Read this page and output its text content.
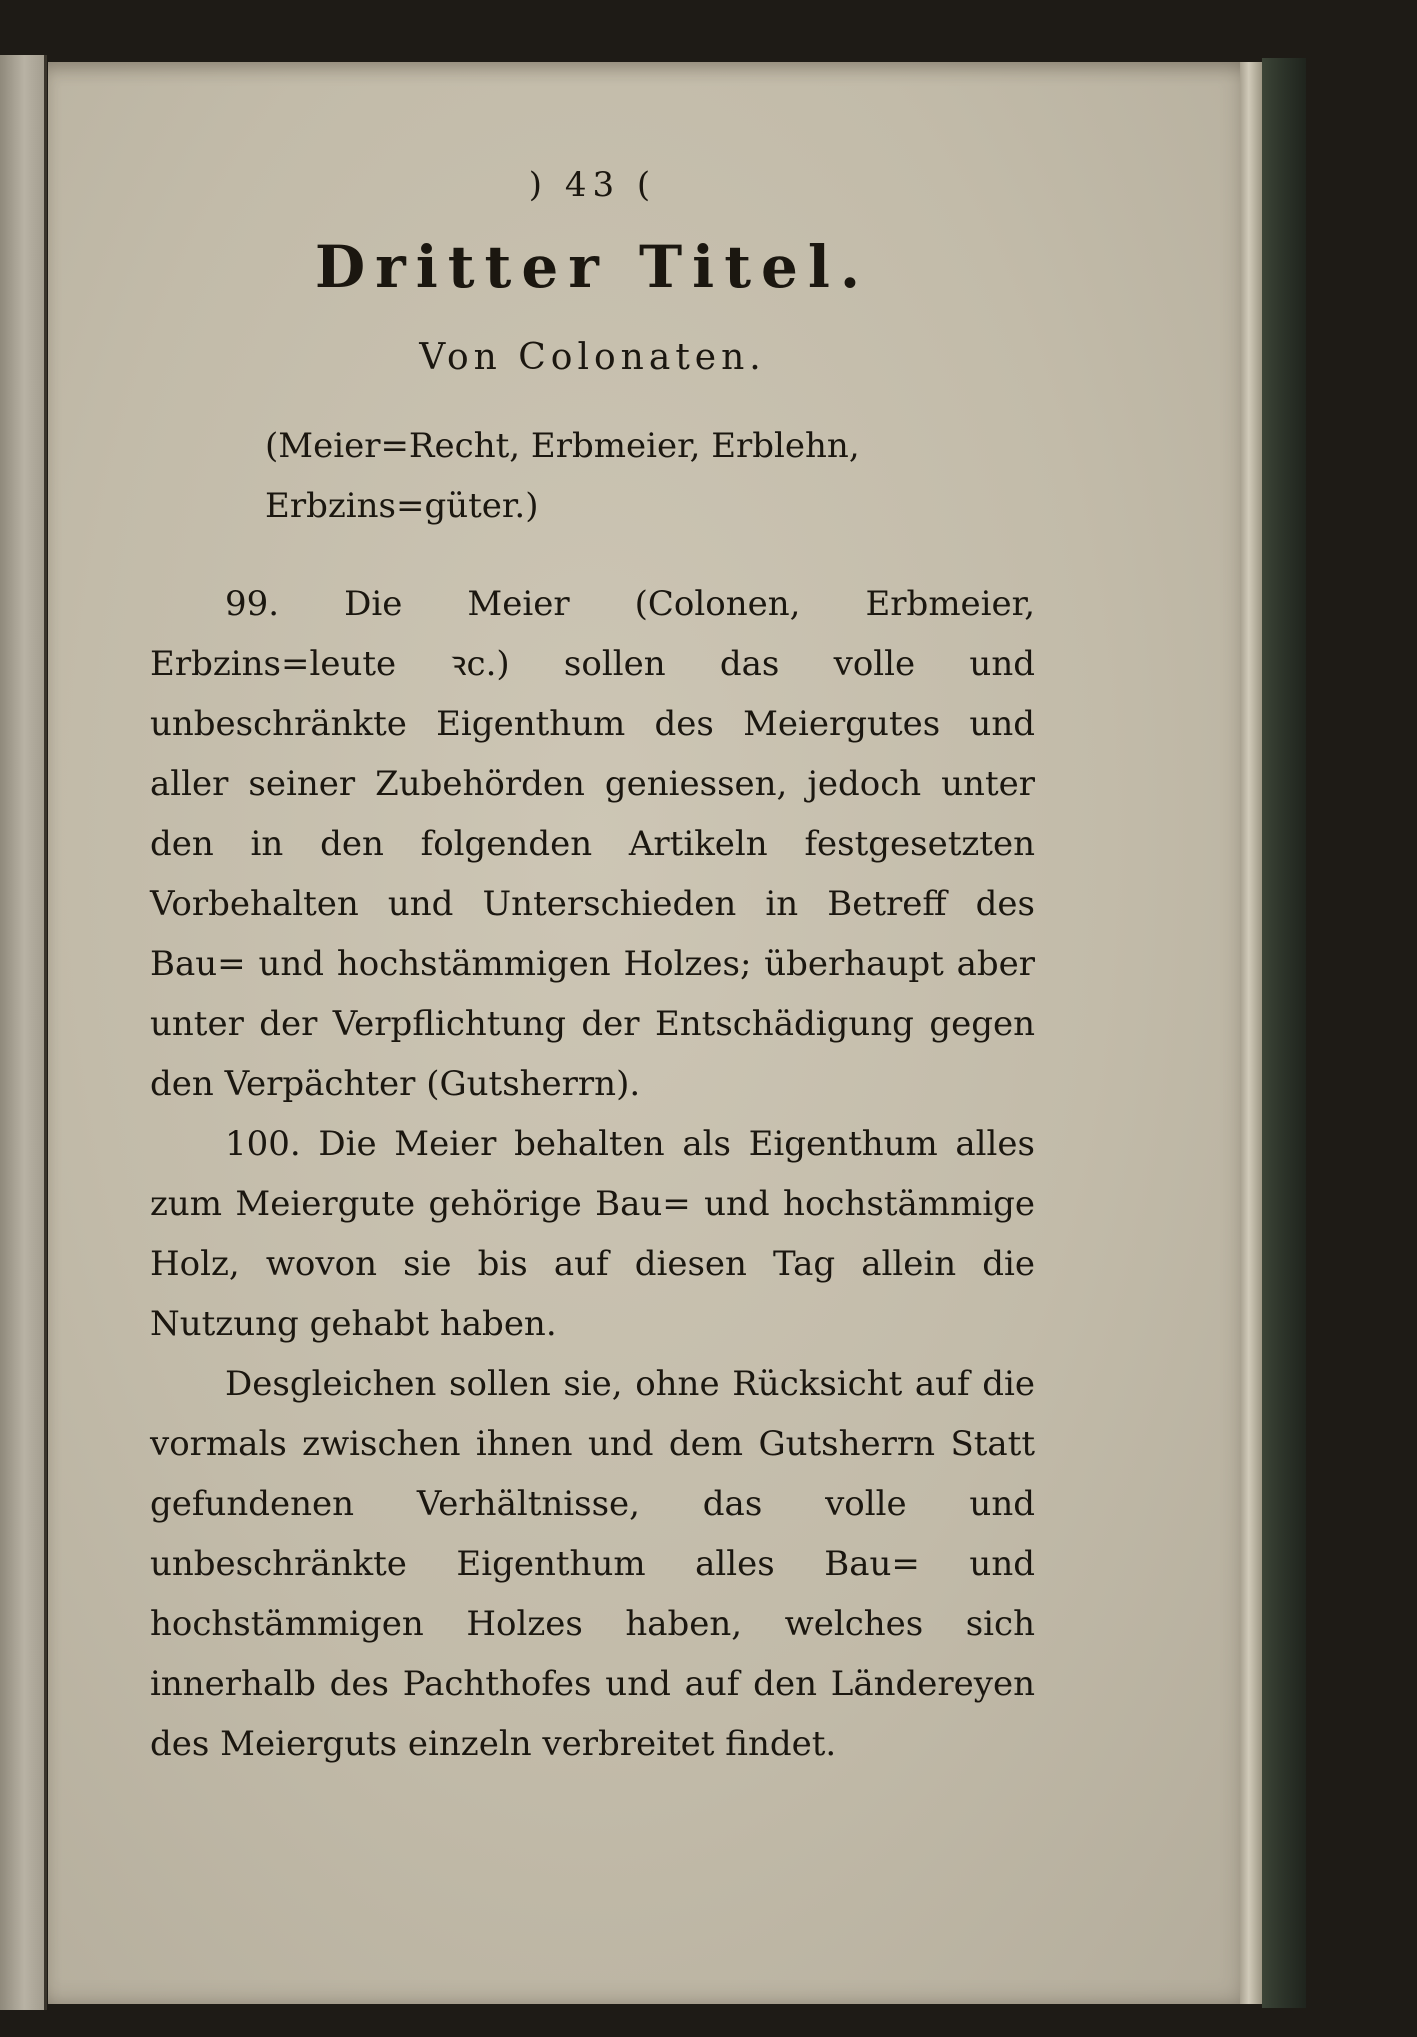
) 43 (
Dritter Titel.
Von Colonaten.
(Meier=Recht, Erbmeier, Erblehn, Erbzins=güter.)

99. Die Meier (Colonen, Erbmeier, Erbzins=leute ꝛc.) sollen das volle und unbeschränkte Eigenthum des Meiergutes und aller seiner Zubehörden geniessen, jedoch unter den in den folgenden Artikeln festgesetzten Vorbehalten und Unterschieden in Betreff des Bau= und hochstämmigen Holzes; überhaupt aber unter der Verpflichtung der Entschädigung gegen den Verpächter (Gutsherrn).

100. Die Meier behalten als Eigenthum alles zum Meiergute gehörige Bau= und hochstämmige Holz, wovon sie bis auf diesen Tag allein die Nutzung gehabt haben.

Desgleichen sollen sie, ohne Rücksicht auf die vormals zwischen ihnen und dem Gutsherrn Statt gefundenen Verhältnisse, das volle und unbeschränkte Eigenthum alles Bau= und hochstämmigen Holzes haben, welches sich innerhalb des Pachthofes und auf den Ländereyen des Meierguts einzeln verbreitet findet.
